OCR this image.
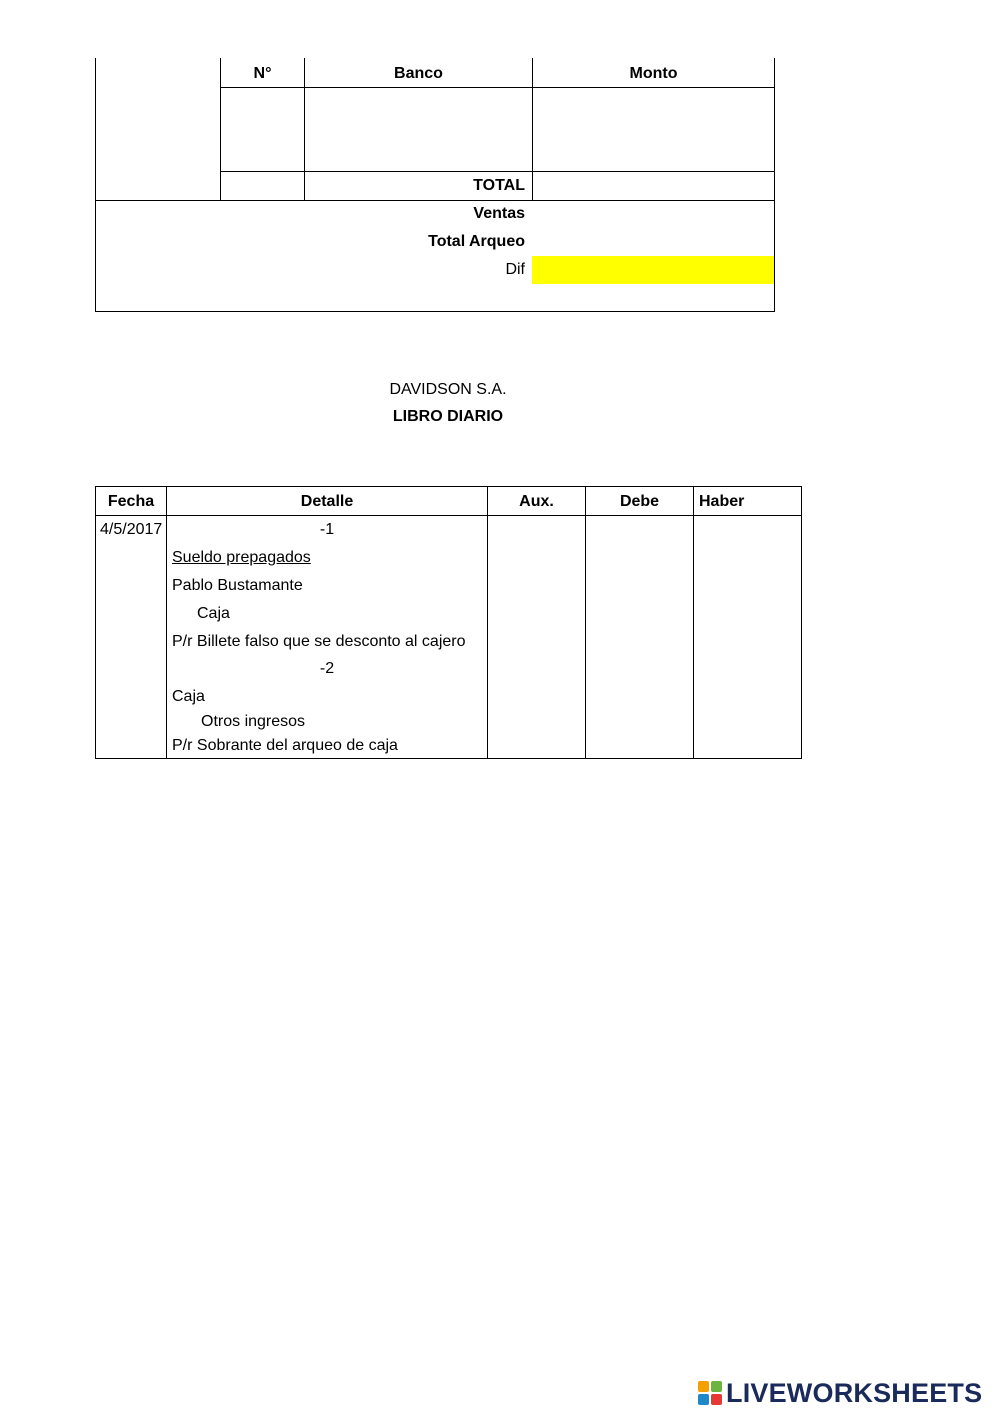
N°	Banco	Monto
TOTAL
Ventas
Total Arqueo
Dif
DAVIDSON S.A.
LIBRO DIARIO
Fecha	Detalle	Aux.	Debe	Haber
4/5/2017	-1
Sueldo prepagados
Pablo Bustamante
Caja
P/r Billete falso que se desconto al cajero
-2
Caja
Otros ingresos
P/r Sobrante del arqueo de caja
LIVEWORKSHEETS
